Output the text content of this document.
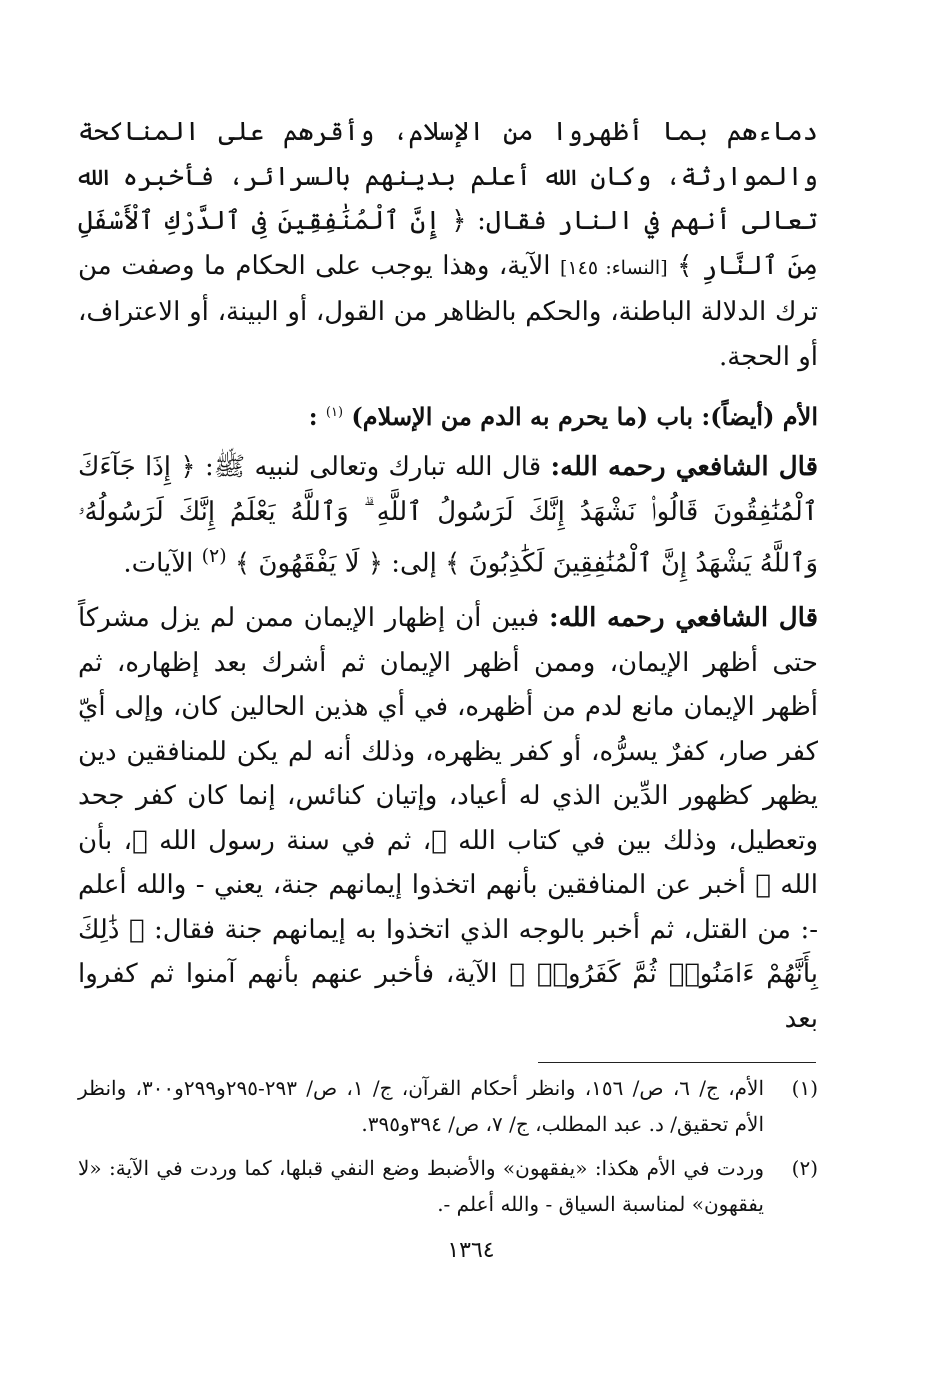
دماءهم بما أظهروا من الإسلام، وأقرهم على المناكحة والموارثة، وكان الله أعلم بدينهم بالسرائر، فأخبره الله تعالى أنهم في النار فقال: ﴿ إِنَّ ٱلْمُنَٰفِقِينَ فِى ٱلدَّرْكِ ٱلْأَسْفَلِ مِنَ ٱلنَّارِ ﴾ [النساء: ١٤٥] الآية، وهذا يوجب على الحكام ما وصفت من ترك الدلالة الباطنة، والحكم بالظاهر من القول، أو البينة، أو الاعتراف، أو الحجة.

الأم (أيضاً): باب (ما يحرم به الدم من الإسلام) $^{(١)}$ :

قال الشافعي رحمه الله: قال الله تبارك وتعالى لنبيه ﷺ: ﴿ إِذَا جَآءَكَ ٱلْمُنَٰفِقُونَ قَالُوا۟ نَشْهَدُ إِنَّكَ لَرَسُولُ ٱللَّهِ ۗ وَٱللَّهُ يَعْلَمُ إِنَّكَ لَرَسُولُهُۥ وَٱللَّهُ يَشْهَدُ إِنَّ ٱلْمُنَٰفِقِينَ لَكَٰذِبُونَ ﴾ إلى: ﴿ لَا يَفْقَهُونَ ﴾ $^{(٢)}$ الآيات.

قال الشافعي رحمه الله: فبين أن إظهار الإيمان ممن لم يزل مشركاً حتى أظهر الإيمان، وممن أظهر الإيمان ثم أشرك بعد إظهاره، ثم أظهر الإيمان مانع لدم من أظهره، في أي هذين الحالين كان، وإلى أيّ كفر صار، كفرٌ يسرُّه، أو كفر يظهره، وذلك أنه لم يكن للمنافقين دين يظهر كظهور الدِّين الذي له أعياد، وإتيان كنائس، إنما كان كفر جحد وتعطيل، وذلك بين في كتاب الله ﷻ، ثم في سنة رسول الله ﷺ، بأن الله ﷻ أخبر عن المنافقين بأنهم اتخذوا إيمانهم جنة، يعني - والله أعلم -: من القتل، ثم أخبر بالوجه الذي اتخذوا به إيمانهم جنة فقال: ﴿ ذَٰلِكَ بِأَنَّهُمْ ءَامَنُوا۟ ثُمَّ كَفَرُوا۟ ﴾ الآية، فأخبر عنهم بأنهم آمنوا ثم كفروا بعد

(١)
الأم، ج/ ٦، ص/ ١٥٦، وانظر أحكام القرآن، ج/ ١، ص/ ٢٩٣-٢٩٥و٢٩٩و٣٠٠، وانظر الأم تحقيق/ د. عبد المطلب، ج/ ٧، ص/ ٣٩٤و٣٩٥.

(٢)
وردت في الأم هكذا: «يفقهون» والأضبط وضع النفي قبلها، كما وردت في الآية: «لا يفقهون» لمناسبة السياق - والله أعلم -.

١٣٦٤
